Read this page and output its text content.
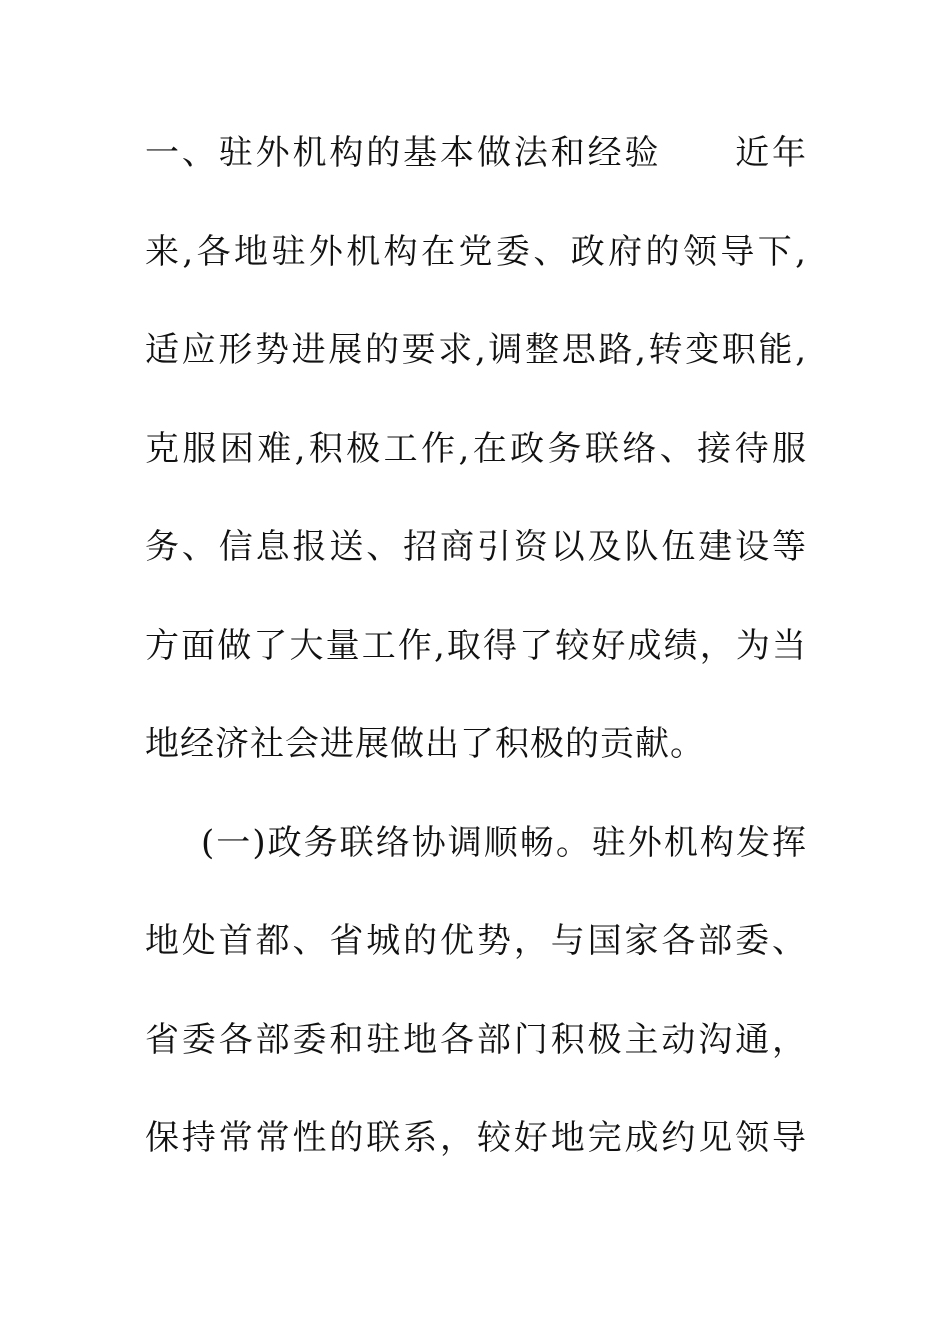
一、驻外机构的基本做法和经验　　近年
来,各地驻外机构在党委、政府的领导下,
适应形势进展的要求,调整思路,转变职能,
克服困难,积极工作,在政务联络、接待服
务、信息报送、招商引资以及队伍建设等
方面做了大量工作,取得了较好成绩，为当
地经济社会进展做出了积极的贡献。
(一)政务联络协调顺畅。驻外机构发挥
地处首都、省城的优势，与国家各部委、
省委各部委和驻地各部门积极主动沟通，
保持常常性的联系，较好地完成约见领导
